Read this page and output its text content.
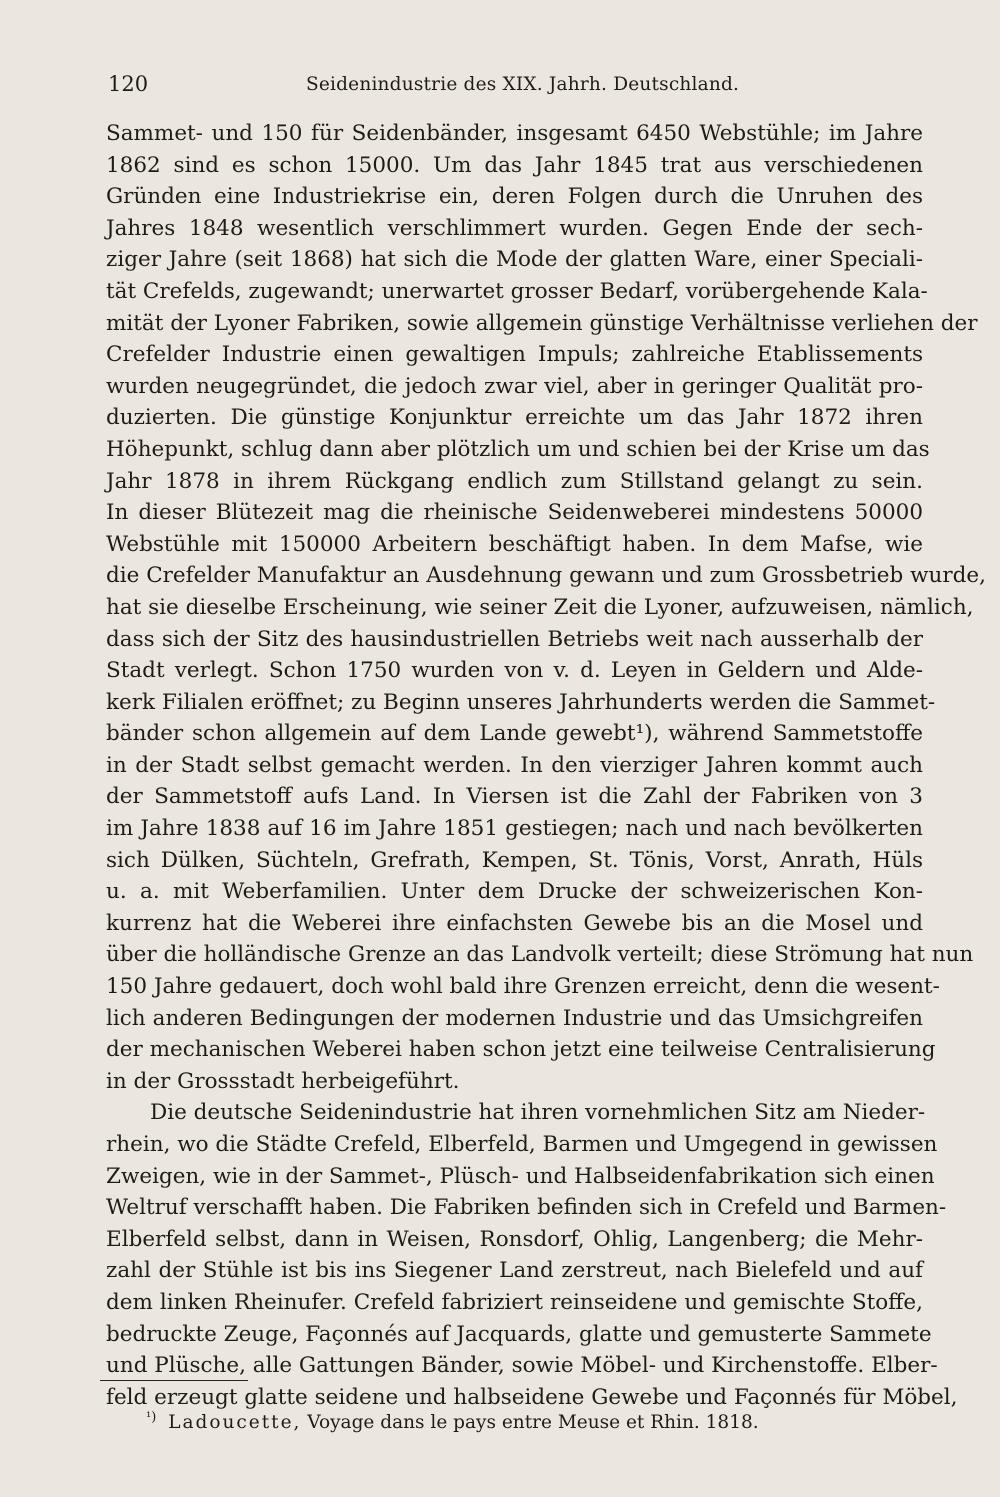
120	Seidenindustrie des XIX. Jahrh. Deutschland.
Sammet- und 150 für Seidenbänder, insgesamt 6450 Webstühle; im Jahre
1862 sind es schon 15000. Um das Jahr 1845 trat aus verschiedenen
Gründen eine Industriekrise ein, deren Folgen durch die Unruhen des
Jahres 1848 wesentlich verschlimmert wurden. Gegen Ende der sech-
ziger Jahre (seit 1868) hat sich die Mode der glatten Ware, einer Speciali-
tät Crefelds, zugewandt; unerwartet grosser Bedarf, vorübergehende Kala-
mität der Lyoner Fabriken, sowie allgemein günstige Verhältnisse verliehen der
Crefelder Industrie einen gewaltigen Impuls; zahlreiche Etablissements
wurden neugegründet, die jedoch zwar viel, aber in geringer Qualität pro-
duzierten. Die günstige Konjunktur erreichte um das Jahr 1872 ihren
Höhepunkt, schlug dann aber plötzlich um und schien bei der Krise um das
Jahr 1878 in ihrem Rückgang endlich zum Stillstand gelangt zu sein.
In dieser Blütezeit mag die rheinische Seidenweberei mindestens 50000
Webstühle mit 150000 Arbeitern beschäftigt haben. In dem Mafse, wie
die Crefelder Manufaktur an Ausdehnung gewann und zum Grossbetrieb wurde,
hat sie dieselbe Erscheinung, wie seiner Zeit die Lyoner, aufzuweisen, nämlich,
dass sich der Sitz des hausindustriellen Betriebs weit nach ausserhalb der
Stadt verlegt. Schon 1750 wurden von v. d. Leyen in Geldern und Alde-
kerk Filialen eröffnet; zu Beginn unseres Jahrhunderts werden die Sammet-
bänder schon allgemein auf dem Lande gewebt¹), während Sammetstoffe
in der Stadt selbst gemacht werden. In den vierziger Jahren kommt auch
der Sammetstoff aufs Land. In Viersen ist die Zahl der Fabriken von 3
im Jahre 1838 auf 16 im Jahre 1851 gestiegen; nach und nach bevölkerten
sich Dülken, Süchteln, Grefrath, Kempen, St. Tönis, Vorst, Anrath, Hüls
u. a. mit Weberfamilien. Unter dem Drucke der schweizerischen Kon-
kurrenz hat die Weberei ihre einfachsten Gewebe bis an die Mosel und
über die holländische Grenze an das Landvolk verteilt; diese Strömung hat nun
150 Jahre gedauert, doch wohl bald ihre Grenzen erreicht, denn die wesent-
lich anderen Bedingungen der modernen Industrie und das Umsichgreifen
der mechanischen Weberei haben schon jetzt eine teilweise Centralisierung
in der Grossstadt herbeigeführt.
Die deutsche Seidenindustrie hat ihren vornehmlichen Sitz am Nieder-
rhein, wo die Städte Crefeld, Elberfeld, Barmen und Umgegend in gewissen
Zweigen, wie in der Sammet-, Plüsch- und Halbseidenfabrikation sich einen
Weltruf verschafft haben. Die Fabriken befinden sich in Crefeld und Barmen-
Elberfeld selbst, dann in Weisen, Ronsdorf, Ohlig, Langenberg; die Mehr-
zahl der Stühle ist bis ins Siegener Land zerstreut, nach Bielefeld und auf
dem linken Rheinufer. Crefeld fabriziert reinseidene und gemischte Stoffe,
bedruckte Zeuge, Façonnés auf Jacquards, glatte und gemusterte Sammete
und Plüsche, alle Gattungen Bänder, sowie Möbel- und Kirchenstoffe. Elber-
feld erzeugt glatte seidene und halbseidene Gewebe und Façonnés für Möbel,
$^{^1)}$ Ladoucette, Voyage dans le pays entre Meuse et Rhin. 1818.
